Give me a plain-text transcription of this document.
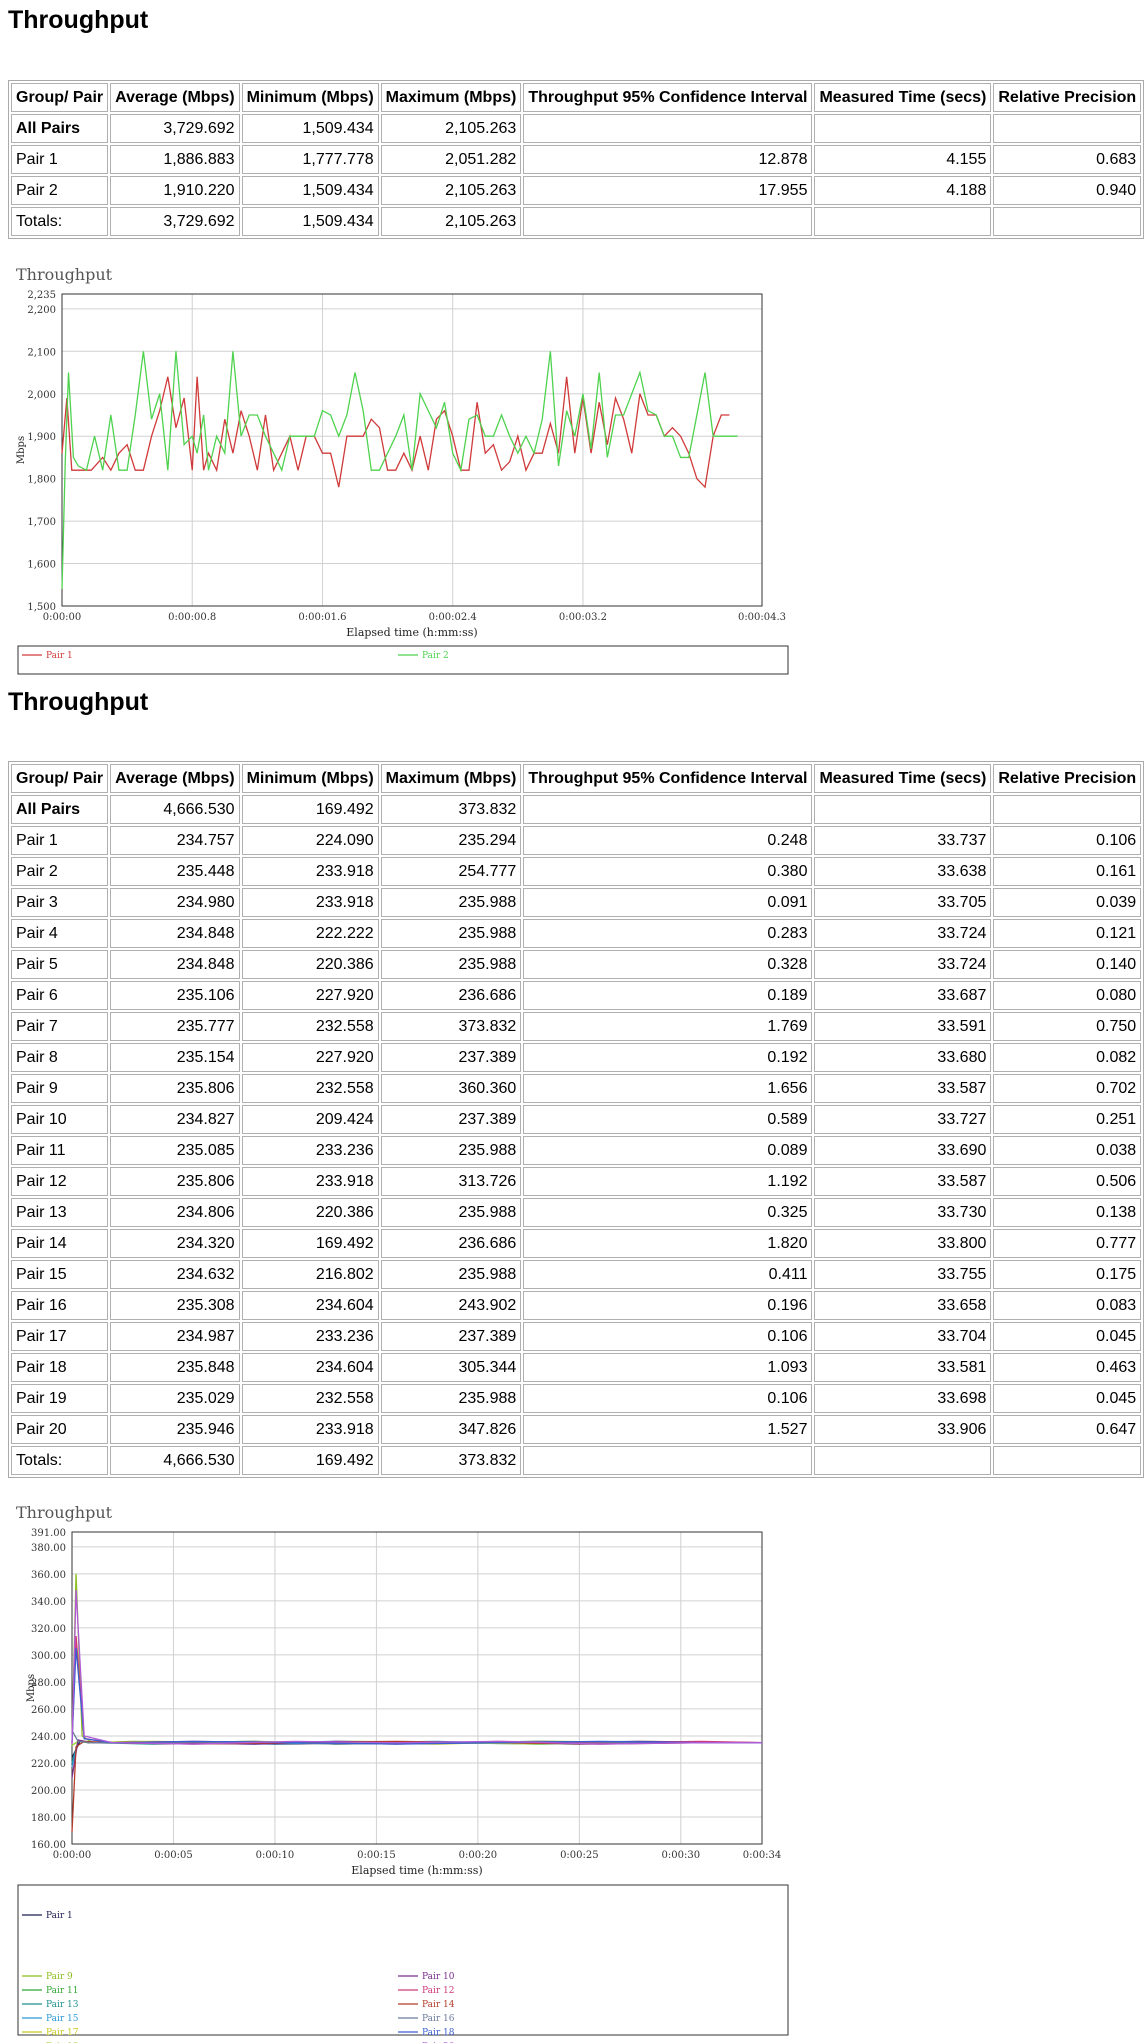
Throughput
Group/ Pair	Average (Mbps)	Minimum (Mbps)	Maximum (Mbps)	Throughput 95% Confidence Interval	Measured Time (secs)	Relative Precision
All Pairs	3,729.692	1,509.434	2,105.263			
Pair 1	1,886.883	1,777.778	2,051.282	12.878	4.155	0.683
Pair 2	1,910.220	1,509.434	2,105.263	17.955	4.188	0.940
Totals:	3,729.692	1,509.434	2,105.263			
Throughput
1,500
1,600
1,700
1,800
1,900
2,000
2,100
2,200
2,235
0:00:00	0:00:00.8	0:00:01.6	0:00:02.4	0:00:03.2	0:00:04.3
Elapsed time (h:mm:ss)
Mbps
Pair 1	Pair 2
Throughput
Group/ Pair	Average (Mbps)	Minimum (Mbps)	Maximum (Mbps)	Throughput 95% Confidence Interval	Measured Time (secs)	Relative Precision
All Pairs	4,666.530	169.492	373.832			
Pair 1	234.757	224.090	235.294	0.248	33.737	0.106
Pair 2	235.448	233.918	254.777	0.380	33.638	0.161
Pair 3	234.980	233.918	235.988	0.091	33.705	0.039
Pair 4	234.848	222.222	235.988	0.283	33.724	0.121
Pair 5	234.848	220.386	235.988	0.328	33.724	0.140
Pair 6	235.106	227.920	236.686	0.189	33.687	0.080
Pair 7	235.777	232.558	373.832	1.769	33.591	0.750
Pair 8	235.154	227.920	237.389	0.192	33.680	0.082
Pair 9	235.806	232.558	360.360	1.656	33.587	0.702
Pair 10	234.827	209.424	237.389	0.589	33.727	0.251
Pair 11	235.085	233.236	235.988	0.089	33.690	0.038
Pair 12	235.806	233.918	313.726	1.192	33.587	0.506
Pair 13	234.806	220.386	235.988	0.325	33.730	0.138
Pair 14	234.320	169.492	236.686	1.820	33.800	0.777
Pair 15	234.632	216.802	235.988	0.411	33.755	0.175
Pair 16	235.308	234.604	243.902	0.196	33.658	0.083
Pair 17	234.987	233.236	237.389	0.106	33.704	0.045
Pair 18	235.848	234.604	305.344	1.093	33.581	0.463
Pair 19	235.029	232.558	235.988	0.106	33.698	0.045
Pair 20	235.946	233.918	347.826	1.527	33.906	0.647
Totals:	4,666.530	169.492	373.832			
Throughput
160.00
180.00
200.00
220.00
240.00
260.00
280.00
300.00
320.00
340.00
360.00
380.00
391.00
0:00:00	0:00:05	0:00:10	0:00:15	0:00:20	0:00:25	0:00:30	0:00:34
Elapsed time (h:mm:ss)
Mbps
Pair 1
Pair 9
Pair 11
Pair 13
Pair 15
Pair 17
Pair 10
Pair 12
Pair 14
Pair 16
Pair 18
